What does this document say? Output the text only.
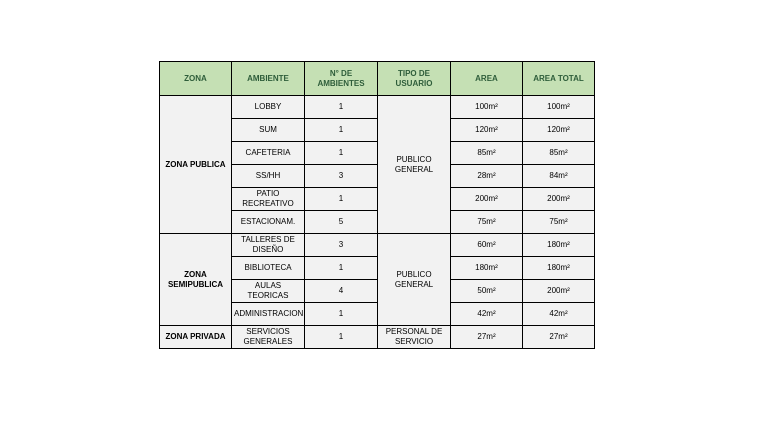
ZONA	AMBIENTE	N° DE AMBIENTES	TIPO DE USUARIO	AREA	AREA TOTAL
ZONA PUBLICA	LOBBY	1	PUBLICO GENERAL	100m²	100m²
	SUM	1		120m²	120m²
	CAFETERIA	1		85m²	85m²
	SS/HH	3		28m²	84m²
	PATIO RECREATIVO	1		200m²	200m²
	ESTACIONAM.	5		75m²	75m²
ZONA SEMIPUBLICA	TALLERES DE DISEÑO	3	PUBLICO GENERAL	60m²	180m²
	BIBLIOTECA	1		180m²	180m²
	AULAS TEORICAS	4		50m²	200m²
	ADMINISTRACION	1		42m²	42m²
ZONA PRIVADA	SERVICIOS GENERALES	1	PERSONAL DE SERVICIO	27m²	27m²
